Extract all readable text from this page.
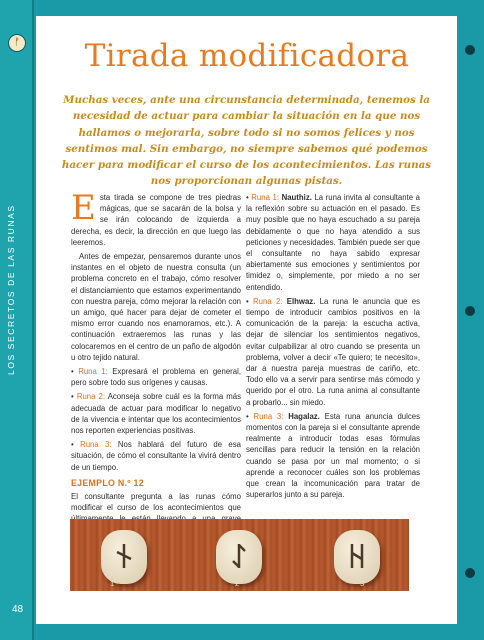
ᚠ
LOS SECRETOS DE LAS RUNAS
48
Tirada modificadora
Muchas veces, ante una circunstancia determinada, tenemos la necesidad de actuar para cambiar la situación en la que nos hallamos o mejorarla, sobre todo si no somos felices y nos sentimos mal. Sin embargo, no siempre sabemos qué podemos hacer para modificar el curso de los acontecimientos. Las runas nos proporcionan algunas pistas.

Esta tirada se compone de tres piedras mágicas, que se sacarán de la bolsa y se irán colocando de izquierda a derecha, es decir, la dirección en que luego las leeremos.

Antes de empezar, pensaremos durante unos instantes en el objeto de nuestra consulta (un problema concreto en el trabajo, cómo resolver el distanciamiento que estamos experimentando con nuestra pareja, cómo mejorar la relación con un amigo, qué hacer para dejar de cometer el mismo error cuando nos enamoramos, etc.). A continuación extraeremos las runas y las colocaremos en el centro de un paño de algodón u otro tejido natural.

• Runa 1: Expresará el problema en general, pero sobre todo sus orígenes y causas.

• Runa 2: Aconseja sobre cuál es la forma más adecuada de actuar para modificar lo negativo de la vivencia e intentar que los acontecimientos nos reporten experiencias positivas.

• Runa 3: Nos hablará del futuro de esa situación, de cómo el consultante la vivirá dentro de un tiempo.

EJEMPLO N.º 12

El consultante pregunta a las runas cómo modificar el curso de los acontecimientos que

• Runa 1: Nauthiz. La runa invita al consultante a la reflexión sobre su actuación en el pasado. Es muy posible que no haya escuchado a su pareja debidamente o que no haya atendido a sus peticiones y necesidades. También puede ser que el consultante no haya sabido expresar abiertamente sus emociones y sentimientos por timidez o, simplemente, por miedo a no ser entendido.

• Runa 2: Elhwaz. La runa le anuncia que es tiempo de introducir cambios positivos en la comunicación de la pareja: la escucha activa, dejar de silenciar los sentimientos negativos, evitar culpabilizar al otro cuando se presenta un problema, volver a decir «Te quiero; te necesito», dar a nuestra pareja muestras de cariño, etc. Todo ello va a servir para sentirse más cómodo y querido por el otro. La runa anima al consultante a probarlo... sin miedo.

• Runa 3: Hagalaz. Esta runa anuncia dulces momentos con la pareja si el consultante aprende realmente a introducir todas esas fórmulas sencillas para reducir la tensión en la relación cuando se pasa por un mal momento; o si aprende a reconocer cuáles son los problemas que crean la incomunicación para tratar de superarlos junto a su pareja.

1	2	3
